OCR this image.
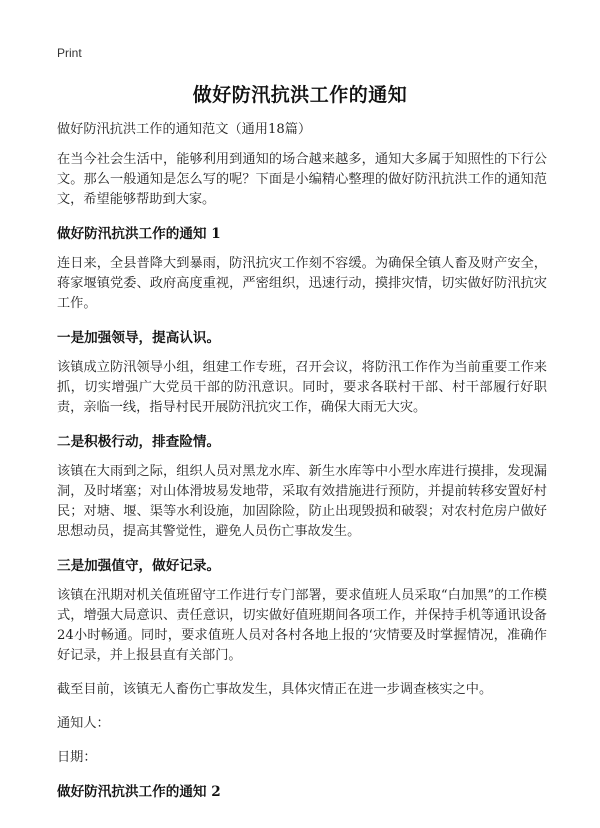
Print
做好防汛抗洪工作的通知

做好防汛抗洪工作的通知范文（通用18篇）

在当今社会生活中，能够利用到通知的场合越来越多，通知大多属于知照性的下行公文。那么一般通知是怎么写的呢？下面是小编精心整理的做好防汛抗洪工作的通知范文，希望能够帮助到大家。

做好防汛抗洪工作的通知 1

连日来，全县普降大到暴雨，防汛抗灾工作刻不容缓。为确保全镇人畜及财产安全，蒋家堰镇党委、政府高度重视，严密组织，迅速行动，摸排灾情，切实做好防汛抗灾工作。

一是加强领导，提高认识。

该镇成立防汛领导小组，组建工作专班，召开会议，将防汛工作作为当前重要工作来抓，切实增强广大党员干部的防汛意识。同时，要求各联村干部、村干部履行好职责，亲临一线，指导村民开展防汛抗灾工作，确保大雨无大灾。

二是积极行动，排查险情。

该镇在大雨到之际，组织人员对黑龙水库、新生水库等中小型水库进行摸排，发现漏洞，及时堵塞；对山体滑坡易发地带，采取有效措施进行预防，并提前转移安置好村民；对塘、堰、渠等水利设施，加固除险，防止出现毁损和破裂；对农村危房户做好思想动员，提高其警觉性，避免人员伤亡事故发生。

三是加强值守，做好记录。

该镇在汛期对机关值班留守工作进行专门部署，要求值班人员采取“白加黑”的工作模式，增强大局意识、责任意识，切实做好值班期间各项工作，并保持手机等通讯设备24小时畅通。同时，要求值班人员对各村各地上报的‘灾情要及时掌握情况，准确作好记录，并上报县直有关部门。

截至目前，该镇无人畜伤亡事故发生，具体灾情正在进一步调查核实之中。

通知人：

日期：

做好防汛抗洪工作的通知 2
